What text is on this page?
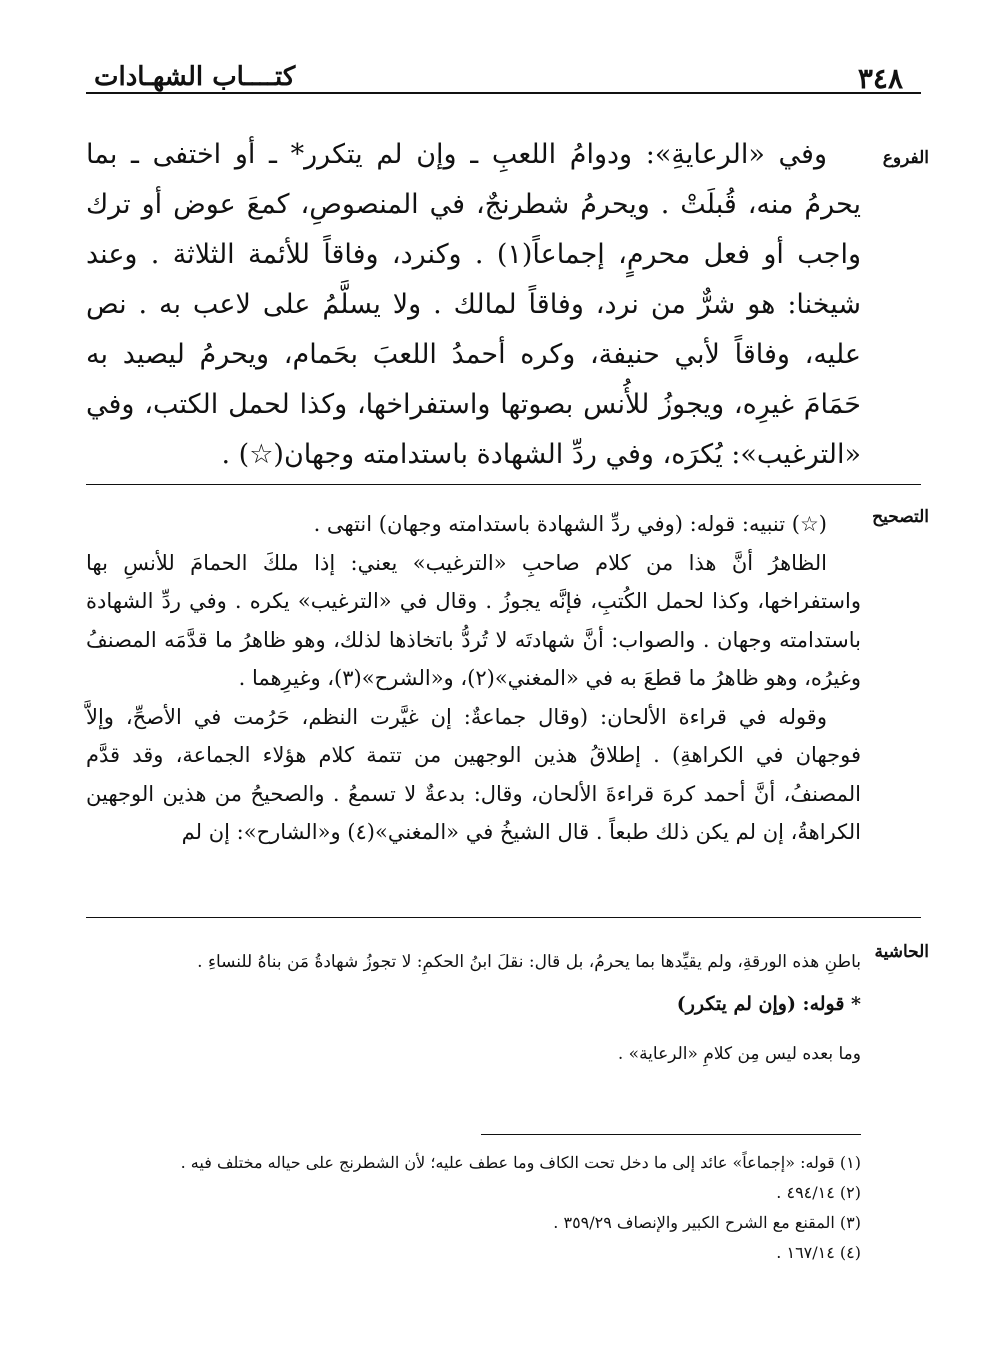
٣٤٨
كتــــاب الشهـادات
الفروع

وفي «الرعايةِ»: ودوامُ اللعبِ ـ وإن لم يتكرر* ـ أو اختفى ـ بما يحرمُ منه، قُبلَتْ . ويحرمُ شطرنجٌ، في المنصوصِ، كمعَ عوض أو ترك واجب أو فعل محرمٍ، إجماعاً(١) . وكنرد، وفاقاً للأئمة الثلاثة . وعند شيخنا: هو شرٌّ من نرد، وفاقاً لمالك . ولا يسلَّمُ على لاعب به . نص عليه، وفاقاً لأبي حنيفة، وكره أحمدُ اللعبَ بحَمام، ويحرمُ ليصيد به حَمَامَ غيرِه، ويجوزُ للأُنس بصوتها واستفراخها، وكذا لحمل الكتب، وفي «الترغيب»: يُكرَه، وفي ردِّ الشهادة باستدامته وجهان(☆) .

التصحيح

(☆) تنبيه: قوله: (وفي ردِّ الشهادة باستدامته وجهان) انتهى .

الظاهرُ أنَّ هذا من كلام صاحبِ «الترغيب» يعني: إذا ملكَ الحمامَ للأنسِ بها واستفراخها، وكذا لحمل الكُتبِ، فإنَّه يجوزُ . وقال في «الترغيب» يكره . وفي ردِّ الشهادة باستدامته وجهان . والصواب: أنَّ شهادتَه لا تُردُّ باتخاذها لذلك، وهو ظاهرُ ما قدَّمَه المصنفُ وغيرُه، وهو ظاهرُ ما قطعَ به في «المغني»(٢)، و«الشرح»(٣)، وغيرِهما .

وقوله في قراءة الألحان: (وقال جماعةٌ: إن غيَّرت النظم، حَرُمت في الأصحِّ، وإلاَّ فوجهان في الكراهةِ) . إطلاقُ هذين الوجهين من تتمة كلام هؤلاء الجماعة، وقد قدَّم المصنفُ، أنَّ أحمد كرهَ قراءةَ الألحان، وقال: بدعةٌ لا تسمعُ . والصحيحُ من هذين الوجهين الكراهةُ، إن لم يكن ذلك طبعاً . قال الشيخُ في «المغني»(٤) و«الشارح»: إن لم

الحاشية

باطنِ هذه الورقةِ، ولم يقيِّدها بما يحرمُ، بل قال: نقلَ ابنُ الحكمِ: لا تجوزُ شهادةُ مَن بناهُ للنساءِ .

* قوله: (وإن لم يتكرر)

وما بعده ليس مِن كلامِ «الرعاية» .

(١) قوله: «إجماعاً» عائد إلى ما دخل تحت الكاف وما عطف عليه؛ لأن الشطرنج على حياله مختلف فيه .

(٢) ٤٩٤/١٤ .

(٣) المقنع مع الشرح الكبير والإنصاف ٣٥٩/٢٩ .

(٤) ١٦٧/١٤ .
